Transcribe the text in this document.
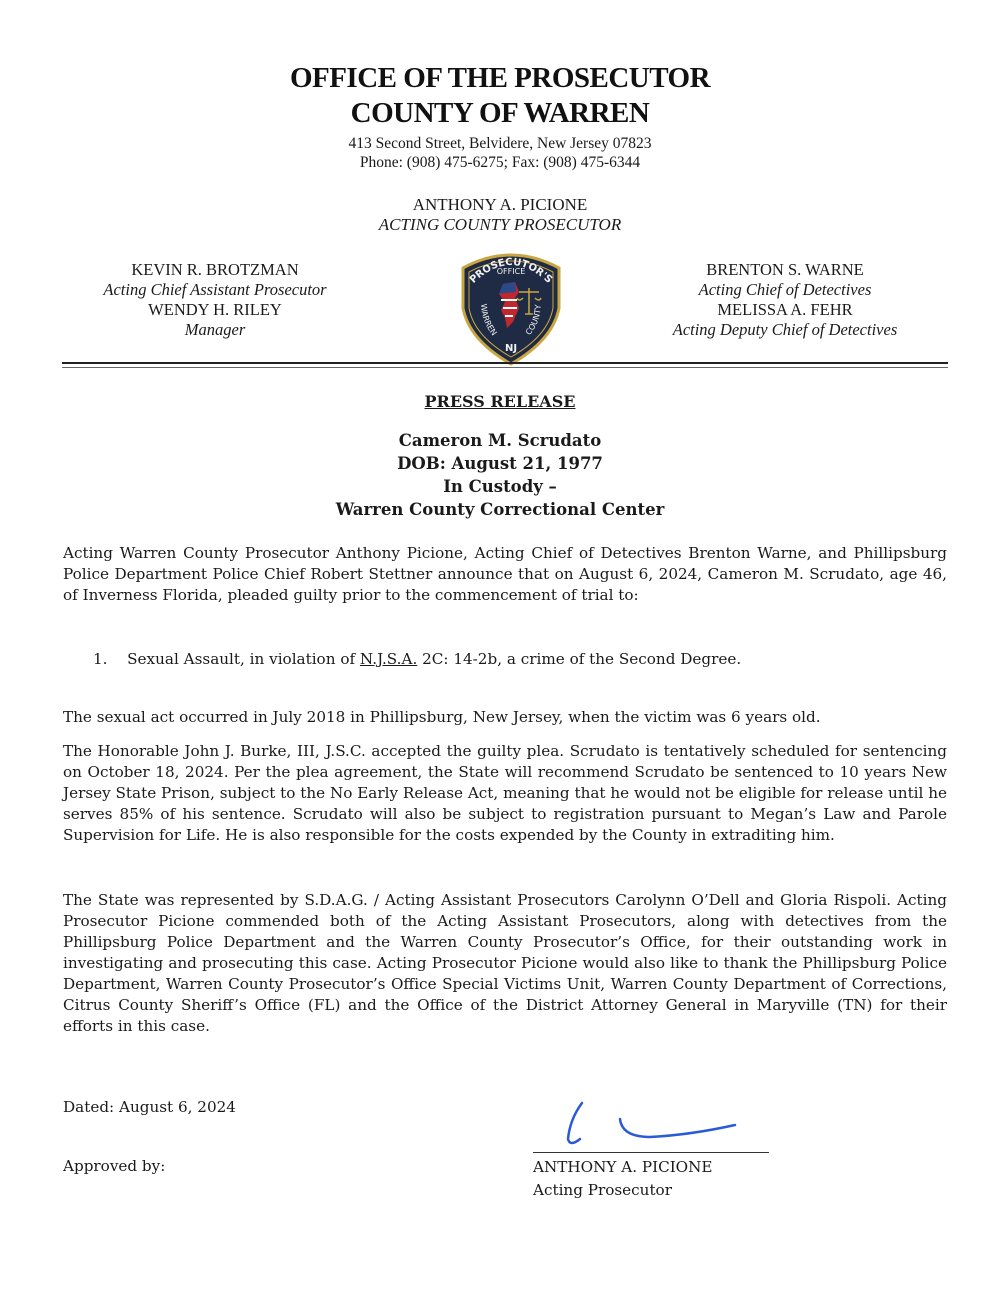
OFFICE OF THE PROSECUTOR
COUNTY OF WARREN
413 Second Street, Belvidere, New Jersey 07823
Phone: (908) 475-6275; Fax: (908) 475-6344
ANTHONY A. PICIONE
ACTING COUNTY PROSECUTOR
KEVIN R. BROTZMAN
Acting Chief Assistant Prosecutor
WENDY H. RILEY
Manager
BRENTON S. WARNE
Acting Chief of Detectives
MELISSA A. FEHR
Acting Deputy Chief of Detectives
PROSECUTOR'S
OFFICE
WARREN	COUNTY
NJ
PRESS RELEASE
Cameron M. Scrudato
DOB: August 21, 1977
In Custody –
Warren County Correctional Center
Acting Warren County Prosecutor Anthony Picione, Acting Chief of Detectives Brenton Warne, and Phillipsburg Police Department Police Chief Robert Stettner announce that on August 6, 2024, Cameron M. Scrudato, age 46, of Inverness Florida, pleaded guilty prior to the commencement of trial to:
1. Sexual Assault, in violation of N.J.S.A. 2C: 14-2b, a crime of the Second Degree.
The sexual act occurred in July 2018 in Phillipsburg, New Jersey, when the victim was 6 years old.
The Honorable John J. Burke, III, J.S.C. accepted the guilty plea. Scrudato is tentatively scheduled for sentencing on October 18, 2024. Per the plea agreement, the State will recommend Scrudato be sentenced to 10 years New Jersey State Prison, subject to the No Early Release Act, meaning that he would not be eligible for release until he serves 85% of his sentence. Scrudato will also be subject to registration pursuant to Megan’s Law and Parole Supervision for Life. He is also responsible for the costs expended by the County in extraditing him.
The State was represented by S.D.A.G. / Acting Assistant Prosecutors Carolynn O’Dell and Gloria Rispoli. Acting Prosecutor Picione commended both of the Acting Assistant Prosecutors, along with detectives from the Phillipsburg Police Department and the Warren County Prosecutor’s Office, for their outstanding work in investigating and prosecuting this case. Acting Prosecutor Picione would also like to thank the Phillipsburg Police Department, Warren County Prosecutor’s Office Special Victims Unit, Warren County Department of Corrections, Citrus County Sheriff’s Office (FL) and the Office of the District Attorney General in Maryville (TN) for their efforts in this case.
Dated: August 6, 2024
Approved by:	ANTHONY A. PICIONE
Acting Prosecutor
